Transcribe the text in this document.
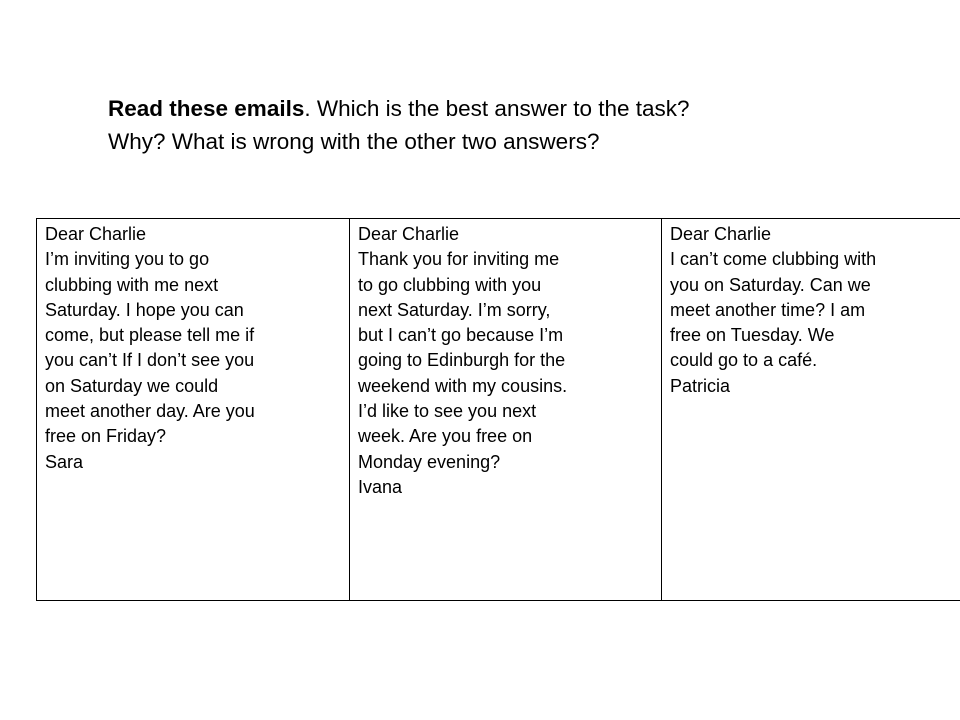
Read these emails. Which is the best answer to the task?
Why? What is wrong with the other two answers?

Dear Charlie
I’m inviting you to go
clubbing with me next
Saturday. I hope you can
come, but please tell me if
you can’t If I don’t see you
on Saturday we could
meet another day. Are you
free on Friday?
Sara

Dear Charlie
Thank you for inviting me
to go clubbing with you
next Saturday. I’m sorry,
but I can’t go because I’m
going to Edinburgh for the
weekend with my cousins.
I’d like to see you next
week. Are you free on
Monday evening?
Ivana

Dear Charlie
I can’t come clubbing with
you on Saturday. Can we
meet another time? I am
free on Tuesday. We
could go to a café.
Patricia
